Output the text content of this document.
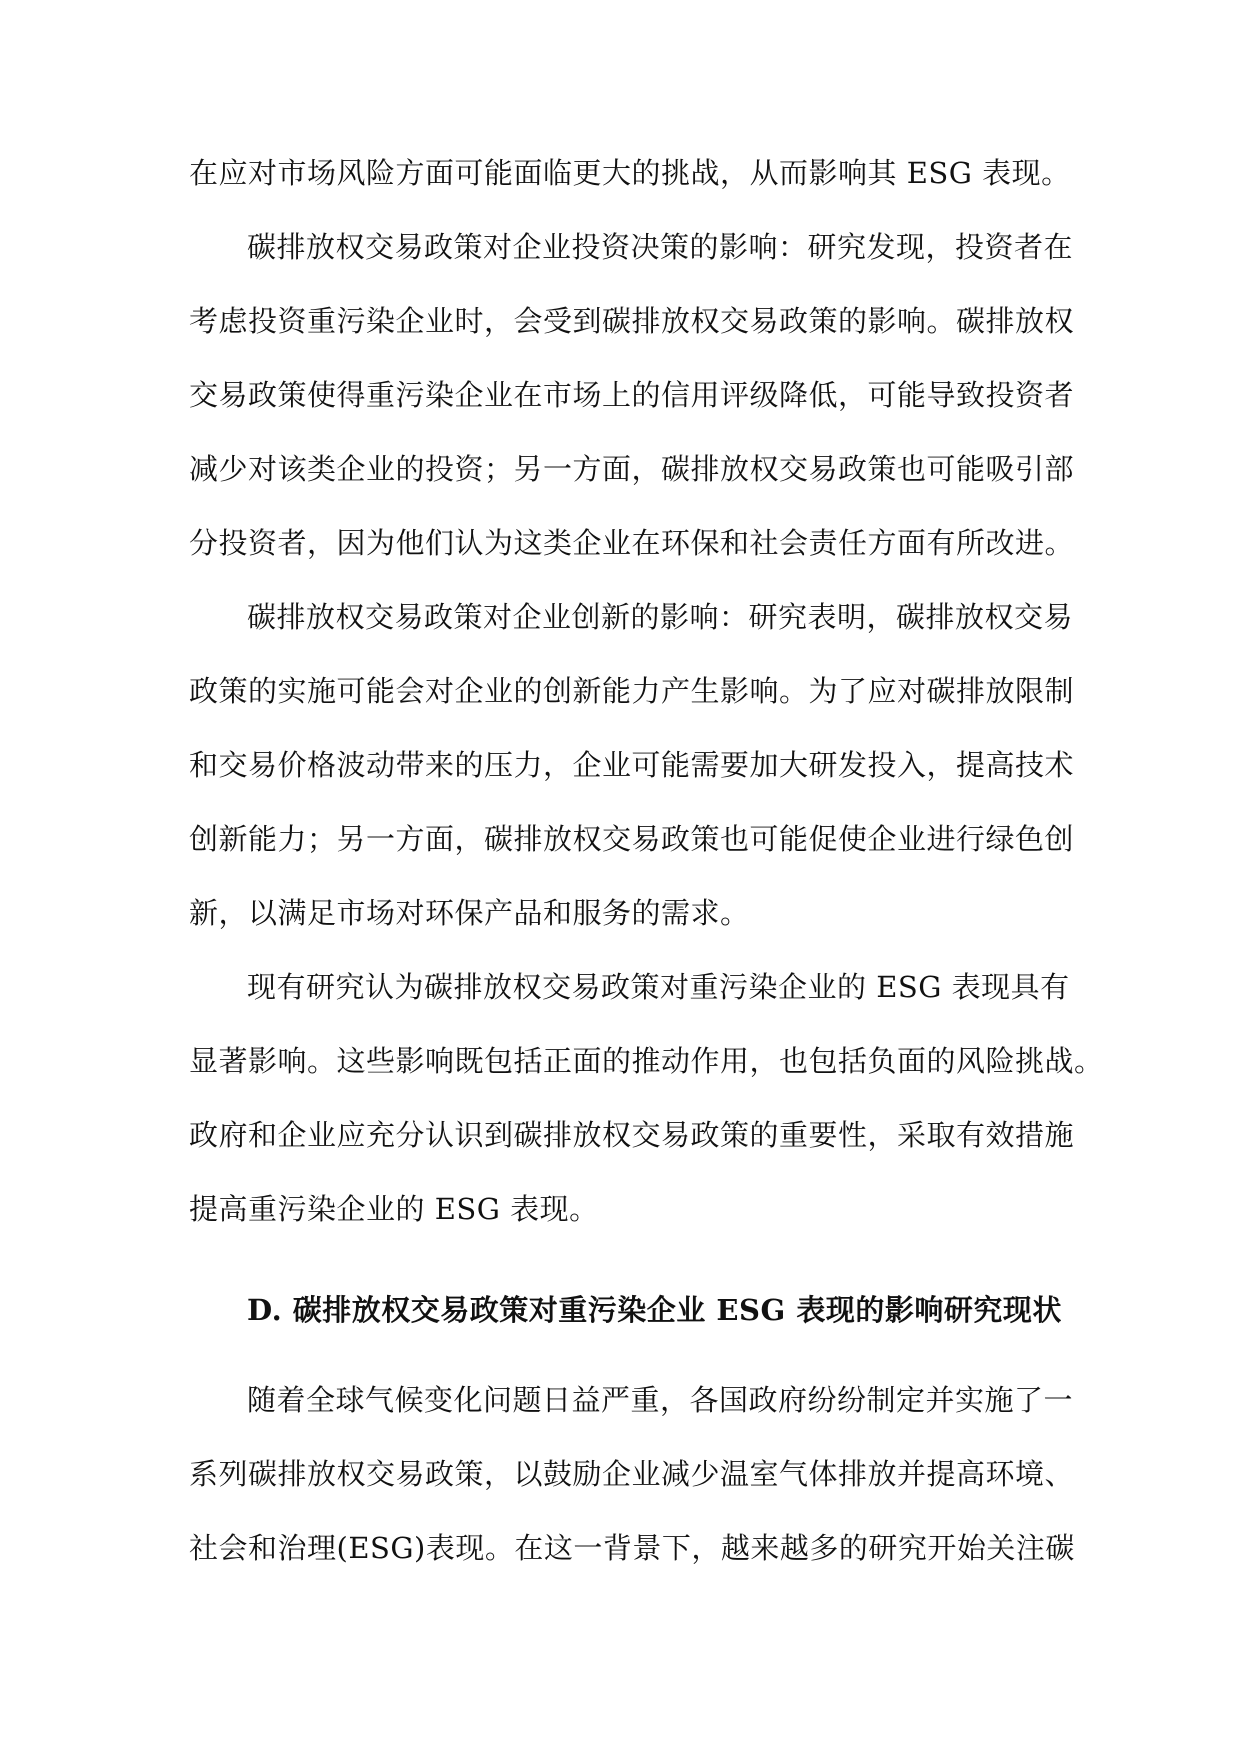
在应对市场风险方面可能面临更大的挑战，从而影响其 ESG 表现。
碳排放权交易政策对企业投资决策的影响：研究发现，投资者在
考虑投资重污染企业时，会受到碳排放权交易政策的影响。碳排放权
交易政策使得重污染企业在市场上的信用评级降低，可能导致投资者
减少对该类企业的投资；另一方面，碳排放权交易政策也可能吸引部
分投资者，因为他们认为这类企业在环保和社会责任方面有所改进。
碳排放权交易政策对企业创新的影响：研究表明，碳排放权交易
政策的实施可能会对企业的创新能力产生影响。为了应对碳排放限制
和交易价格波动带来的压力，企业可能需要加大研发投入，提高技术
创新能力；另一方面，碳排放权交易政策也可能促使企业进行绿色创
新，以满足市场对环保产品和服务的需求。
现有研究认为碳排放权交易政策对重污染企业的 ESG 表现具有
显著影响。这些影响既包括正面的推动作用，也包括负面的风险挑战。
政府和企业应充分认识到碳排放权交易政策的重要性，采取有效措施
提高重污染企业的 ESG 表现。
D. 碳排放权交易政策对重污染企业 ESG 表现的影响研究现状
随着全球气候变化问题日益严重，各国政府纷纷制定并实施了一
系列碳排放权交易政策，以鼓励企业减少温室气体排放并提高环境、
社会和治理(ESG)表现。在这一背景下，越来越多的研究开始关注碳
